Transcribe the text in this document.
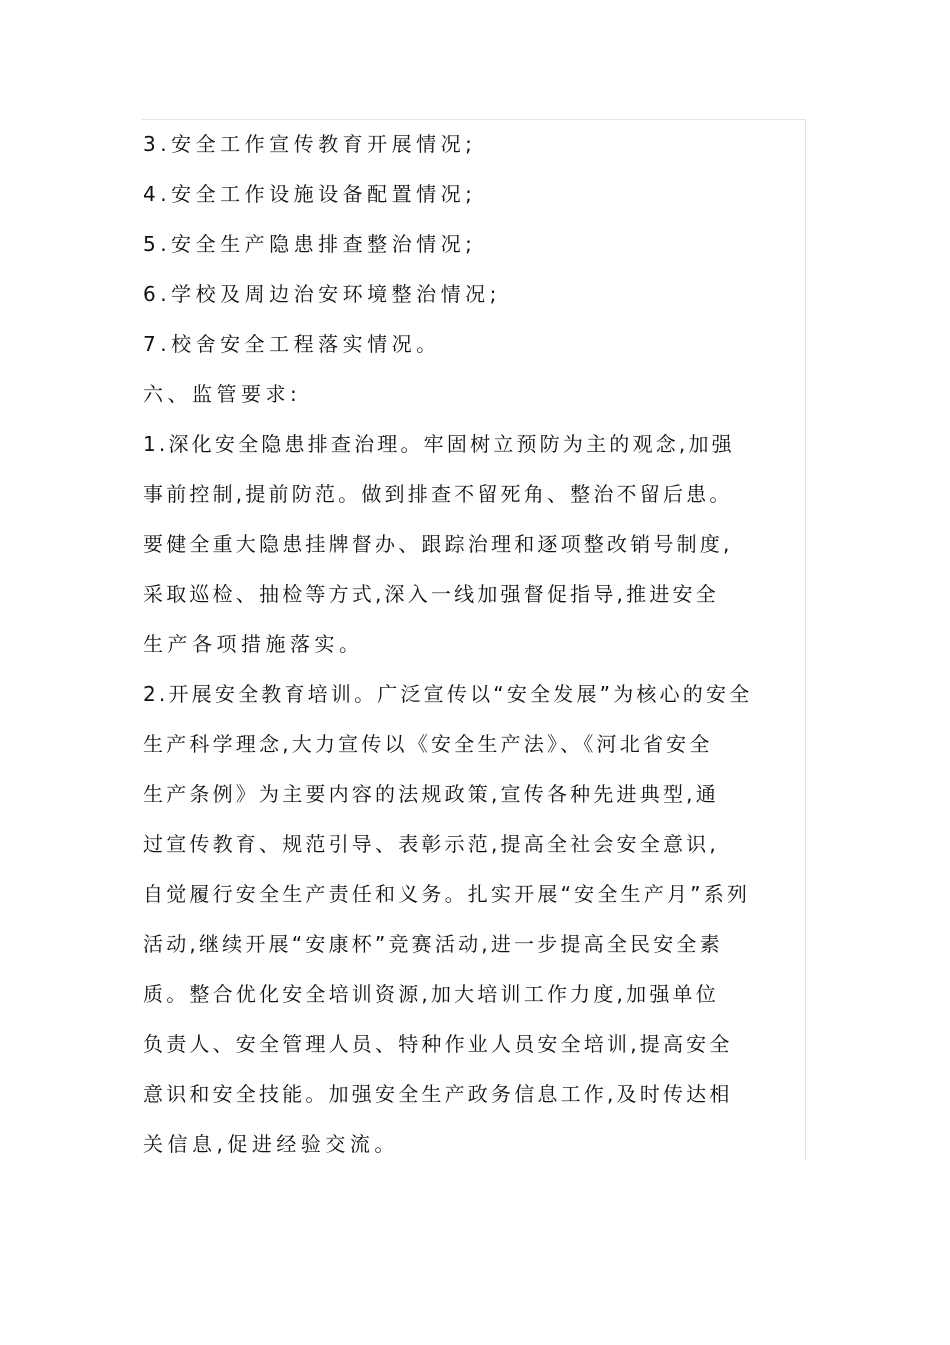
3.安全工作宣传教育开展情况;
4.安全工作设施设备配置情况;
5.安全生产隐患排查整治情况;
6.学校及周边治安环境整治情况;
7.校舍安全工程落实情况。
六、监管要求:
1.深化安全隐患排查治理。牢固树立预防为主的观念,加强
事前控制,提前防范。做到排查不留死角、整治不留后患。
要健全重大隐患挂牌督办、跟踪治理和逐项整改销号制度,
采取巡检、抽检等方式,深入一线加强督促指导,推进安全
生产各项措施落实。
2.开展安全教育培训。广泛宣传以“安全发展”为核心的安全
生产科学理念,大力宣传以《安全生产法》、《河北省安全
生产条例》为主要内容的法规政策,宣传各种先进典型,通
过宣传教育、规范引导、表彰示范,提高全社会安全意识,
自觉履行安全生产责任和义务。扎实开展“安全生产月”系列
活动,继续开展“安康杯”竞赛活动,进一步提高全民安全素
质。整合优化安全培训资源,加大培训工作力度,加强单位
负责人、安全管理人员、特种作业人员安全培训,提高安全
意识和安全技能。加强安全生产政务信息工作,及时传达相
关信息,促进经验交流。
